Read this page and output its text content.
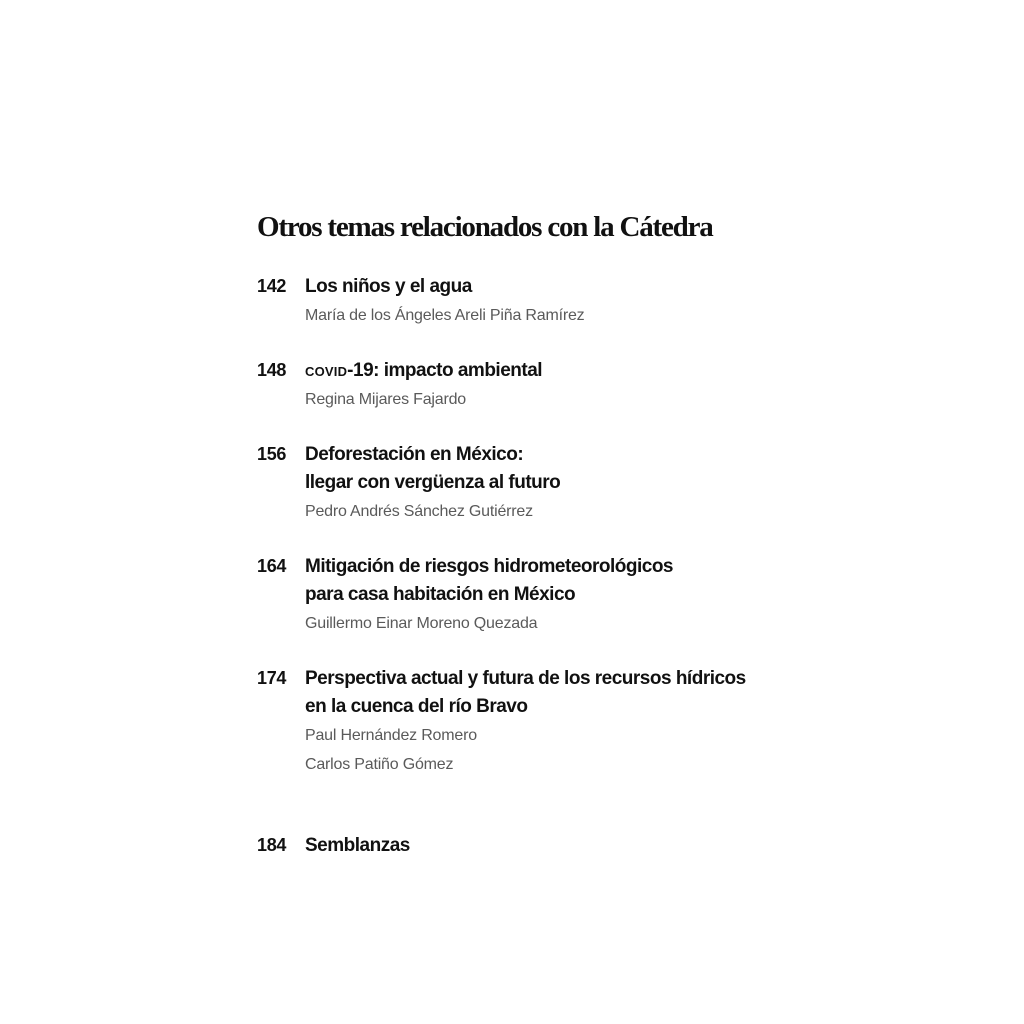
Otros temas relacionados con la Cátedra
142 Los niños y el agua
María de los Ángeles Areli Piña Ramírez
148 covid-19: impacto ambiental
Regina Mijares Fajardo
156 Deforestación en México:
llegar con vergüenza al futuro
Pedro Andrés Sánchez Gutiérrez
164 Mitigación de riesgos hidrometeorológicos
para casa habitación en México
Guillermo Einar Moreno Quezada
174 Perspectiva actual y futura de los recursos hídricos
en la cuenca del río Bravo
Paul Hernández Romero
Carlos Patiño Gómez
184 Semblanzas
